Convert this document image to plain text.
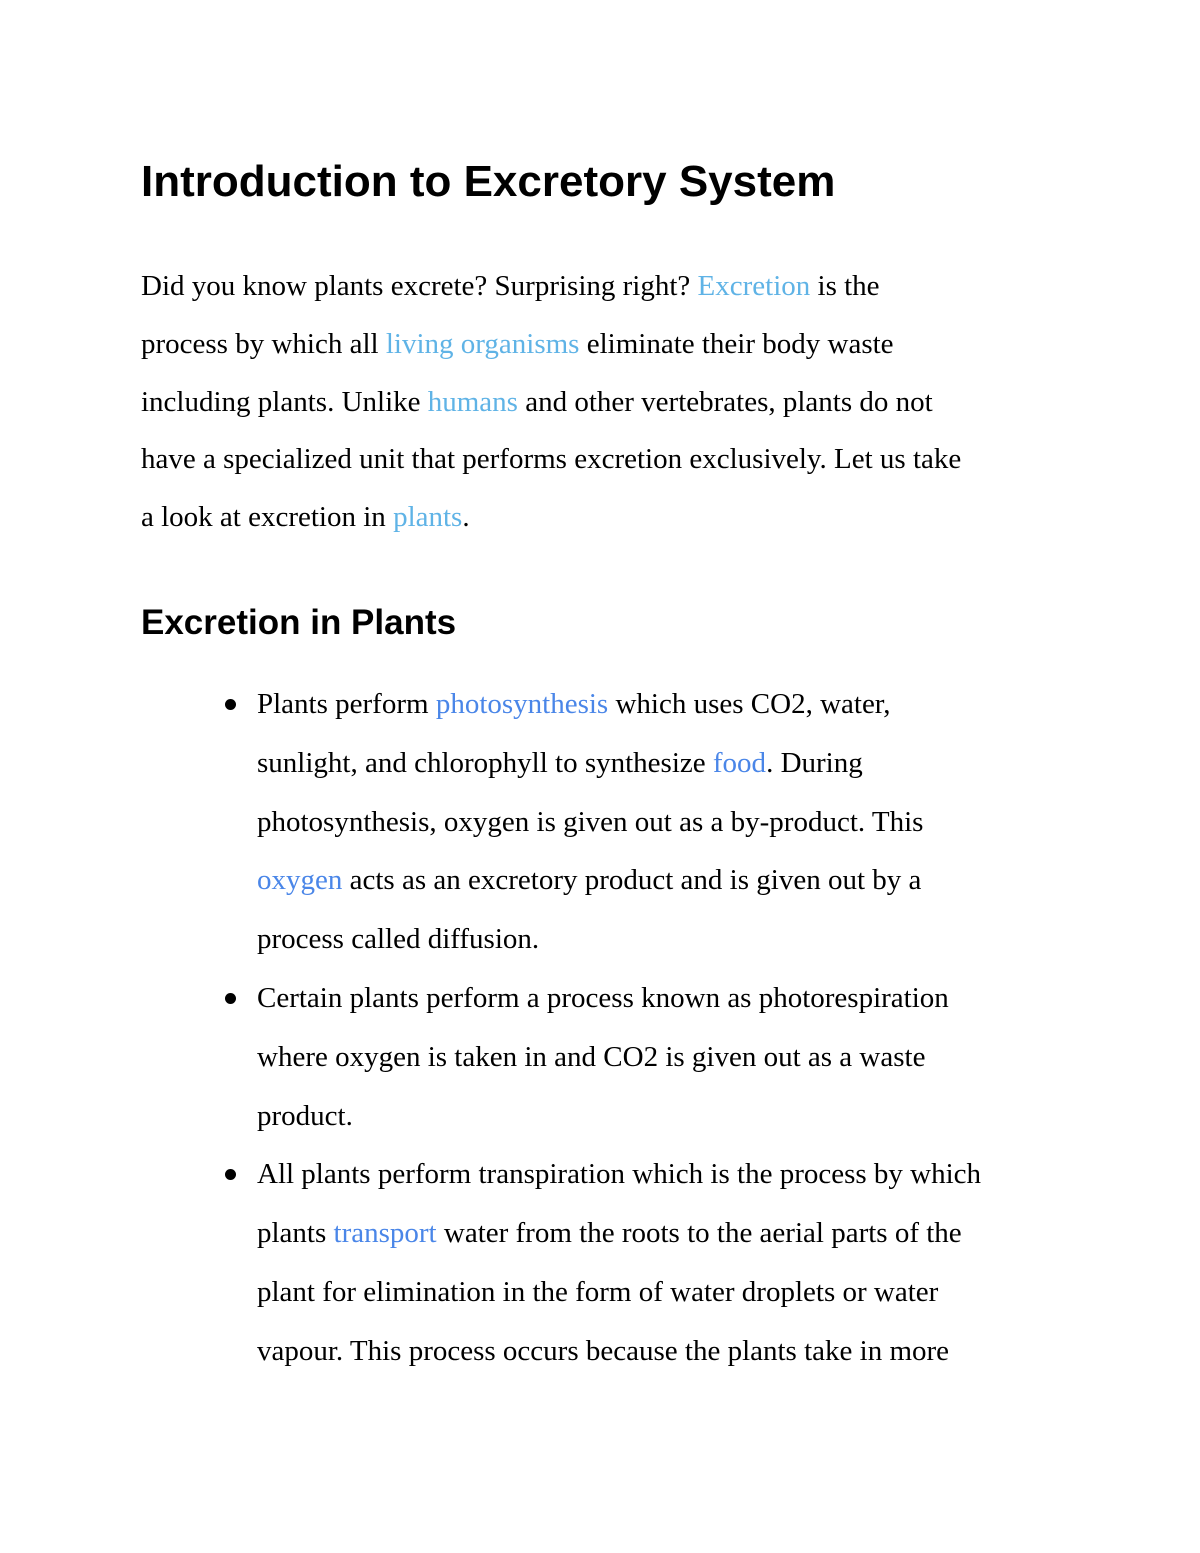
Introduction to Excretory System

Did you know plants excrete? Surprising right? Excretion is the
process by which all living organisms eliminate their body waste
including plants. Unlike humans and other vertebrates, plants do not
have a specialized unit that performs excretion exclusively. Let us take
a look at excretion in plants.

Excretion in Plants
Plants perform photosynthesis which uses CO2, water,
sunlight, and chlorophyll to synthesize food. During
photosynthesis, oxygen is given out as a by-product. This
oxygen acts as an excretory product and is given out by a
process called diffusion.
Certain plants perform a process known as photorespiration
where oxygen is taken in and CO2 is given out as a waste
product.
All plants perform transpiration which is the process by which
plants transport water from the roots to the aerial parts of the
plant for elimination in the form of water droplets or water
vapour. This process occurs because the plants take in more
